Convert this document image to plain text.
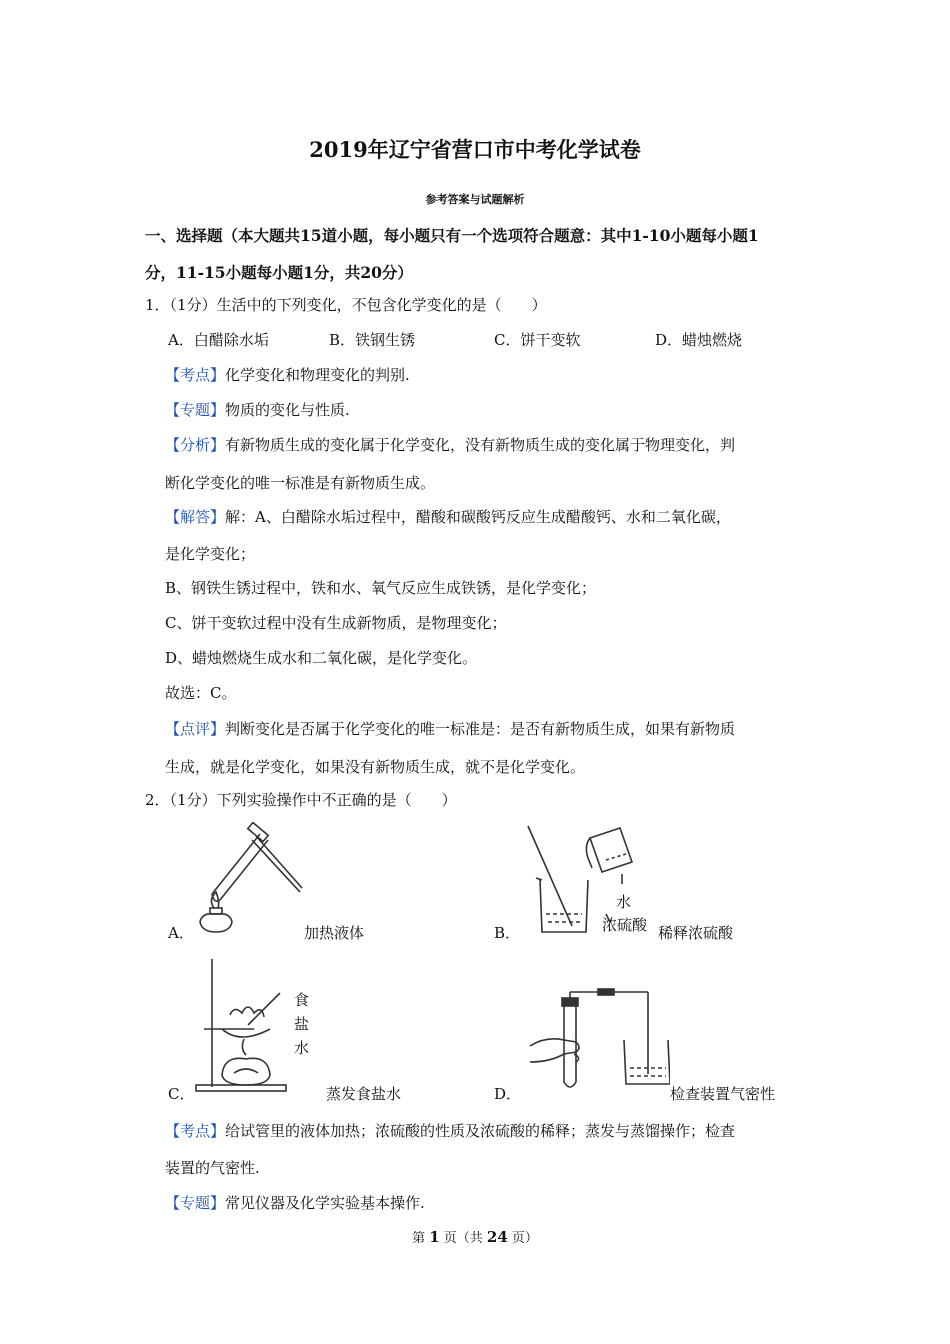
2019年辽宁省营口市中考化学试卷
参考答案与试题解析
一、选择题（本大题共15道小题，每小题只有一个选项符合题意：其中1-10小题每小题1
分，11-15小题每小题1分，共20分）
1．（1分）生活中的下列变化，不包含化学变化的是（　　）
A．白醋除水垢	B．铁钢生锈	C．饼干变软	D．蜡烛燃烧
【考点】化学变化和物理变化的判别.
【专题】物质的变化与性质.
【分析】有新物质生成的变化属于化学变化，没有新物质生成的变化属于物理变化，判
断化学变化的唯一标准是有新物质生成。
【解答】解：A、白醋除水垢过程中，醋酸和碳酸钙反应生成醋酸钙、水和二氧化碳，
是化学变化；
B、钢铁生锈过程中，铁和水、氧气反应生成铁锈，是化学变化；
C、饼干变软过程中没有生成新物质，是物理变化；
D、蜡烛燃烧生成水和二氧化碳，是化学变化。
故选：C。
【点评】判断变化是否属于化学变化的唯一标准是：是否有新物质生成，如果有新物质
生成，就是化学变化，如果没有新物质生成，就不是化学变化。
2．（1分）下列实验操作中不正确的是（　　）
A．	加热液体
水
浓硫酸
B．	稀释浓硫酸
食
盐
水
C．	蒸发食盐水	D．	检查装置气密性
【考点】给试管里的液体加热；浓硫酸的性质及浓硫酸的稀释；蒸发与蒸馏操作；检查
装置的气密性.
【专题】常见仪器及化学实验基本操作.
第 1 页（共 24 页）
